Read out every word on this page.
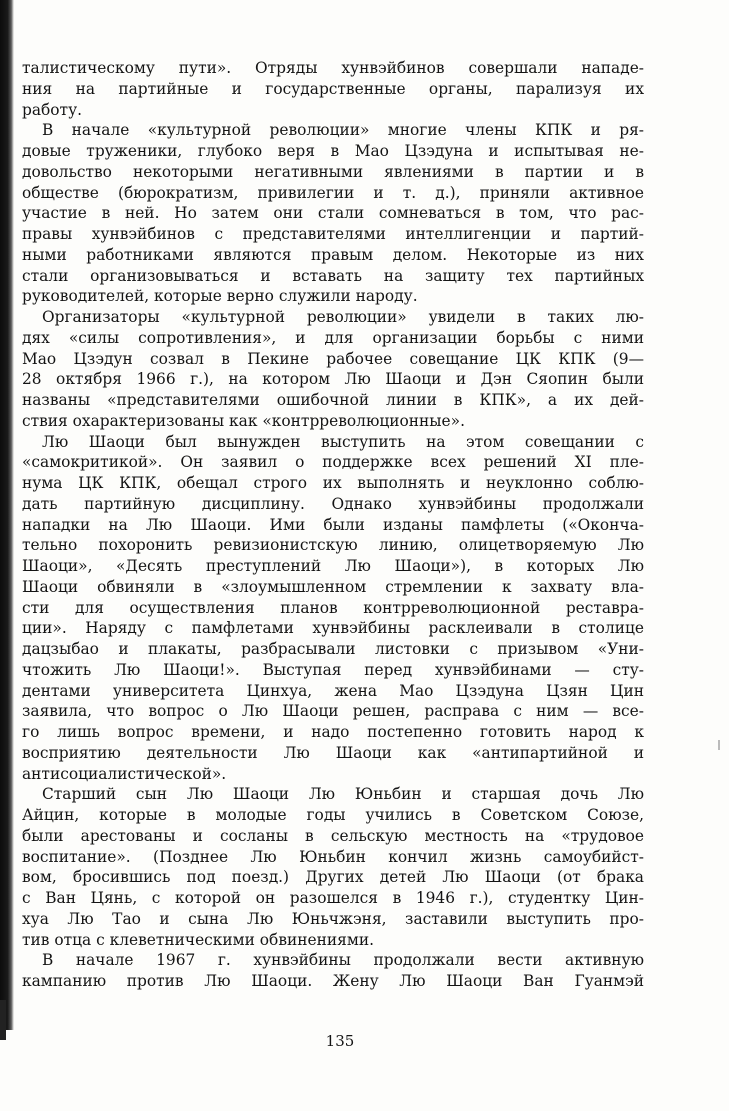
талистическому пути». Отряды хунвэйбинов совершали нападе-
ния на партийные и государственные органы, парализуя их
работу.
В начале «культурной революции» многие члены КПК и ря-
довые труженики, глубоко веря в Мао Цзэдуна и испытывая не-
довольство некоторыми негативными явлениями в партии и в
обществе (бюрократизм, привилегии и т. д.), приняли активное
участие в ней. Но затем они стали сомневаться в том, что рас-
правы хунвэйбинов с представителями интеллигенции и партий-
ными работниками являются правым делом. Некоторые из них
стали организовываться и вставать на защиту тех партийных
руководителей, которые верно служили народу.
Организаторы «культурной революции» увидели в таких лю-
дях «силы сопротивления», и для организации борьбы с ними
Мао Цзэдун созвал в Пекине рабочее совещание ЦК КПК (9—
28 октября 1966 г.), на котором Лю Шаоци и Дэн Сяопин были
названы «представителями ошибочной линии в КПК», а их дей-
ствия охарактеризованы как «контрреволюционные».
Лю Шаоци был вынужден выступить на этом совещании с
«самокритикой». Он заявил о поддержке всех решений XI пле-
нума ЦК КПК, обещал строго их выполнять и неуклонно соблю-
дать партийную дисциплину. Однако хунвэйбины продолжали
нападки на Лю Шаоци. Ими были изданы памфлеты («Оконча-
тельно похоронить ревизионистскую линию, олицетворяемую Лю
Шаоци», «Десять преступлений Лю Шаоци»), в которых Лю
Шаоци обвиняли в «злоумышленном стремлении к захвату вла-
сти для осуществления планов контрреволюционной реставра-
ции». Наряду с памфлетами хунвэйбины расклеивали в столице
дацзыбао и плакаты, разбрасывали листовки с призывом «Уни-
чтожить Лю Шаоци!». Выступая перед хунвэйбинами — сту-
дентами университета Цинхуа, жена Мао Цзэдуна Цзян Цин
заявила, что вопрос о Лю Шаоци решен, расправа с ним — все-
го лишь вопрос времени, и надо постепенно готовить народ к
восприятию деятельности Лю Шаоци как «антипартийной и
антисоциалистической».
Старший сын Лю Шаоци Лю Юньбин и старшая дочь Лю
Айцин, которые в молодые годы учились в Советском Союзе,
были арестованы и сосланы в сельскую местность на «трудовое
воспитание». (Позднее Лю Юньбин кончил жизнь самоубийст-
вом, бросившись под поезд.) Других детей Лю Шаоци (от брака
с Ван Цянь, с которой он разошелся в 1946 г.), студентку Цин-
хуа Лю Тао и сына Лю Юньчжэня, заставили выступить про-
тив отца с клеветническими обвинениями.
В начале 1967 г. хунвэйбины продолжали вести активную
кампанию против Лю Шаоци. Жену Лю Шаоци Ван Гуанмэй
135
